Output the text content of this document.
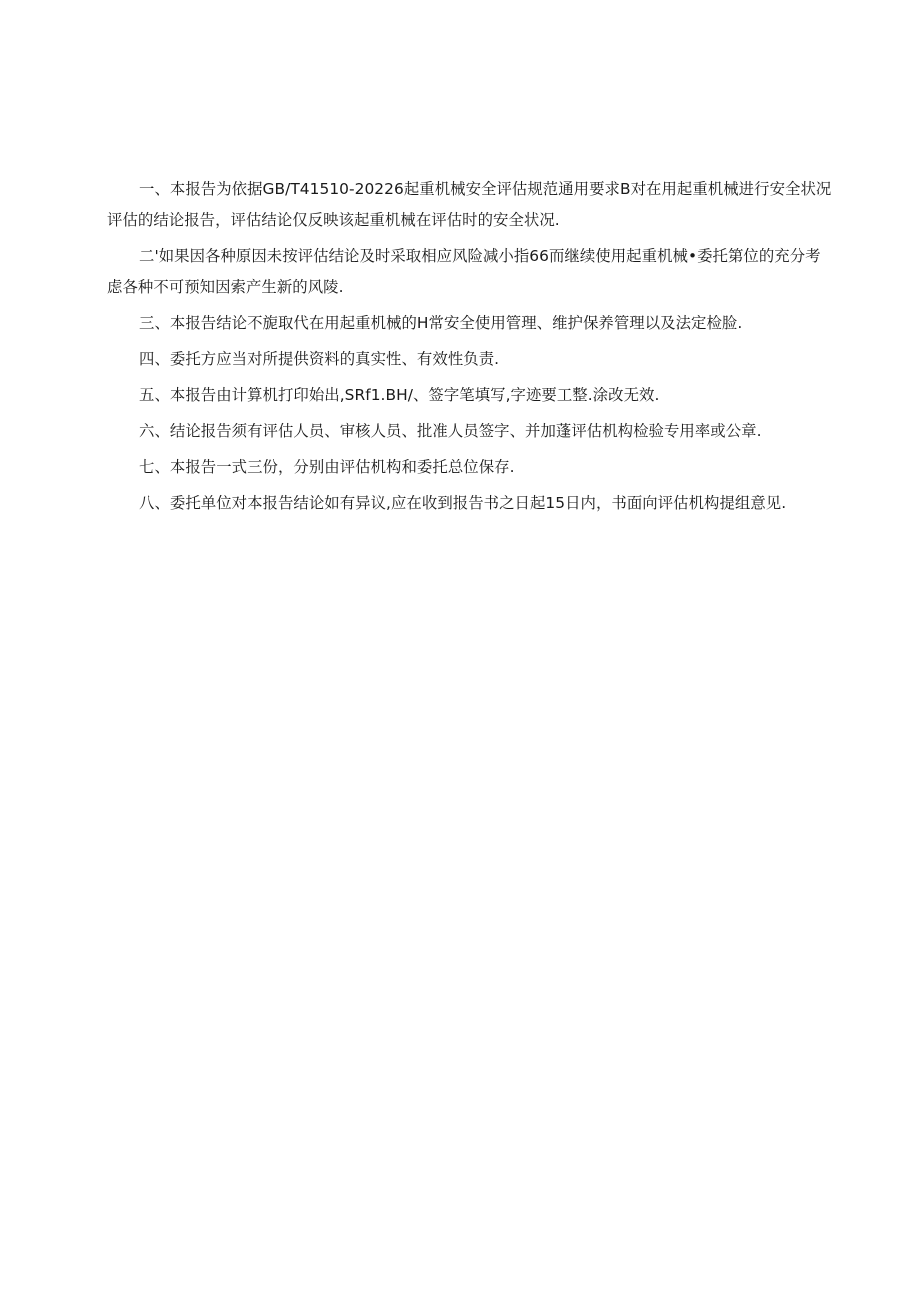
一、本报告为依据GB/T41510-20226起重机械安全评估规范通用要求B对在用起重机械进行安全状况评估的结论报告，评估结论仅反映该起重机械在评估时的安全状况.

二'如果因各种原因未按评估结论及时采取相应风险减小指66而继续使用起重机械•委托第位的充分考虑各种不可预知因索产生新的风陵.

三、本报告结论不旎取代在用起重机械的H常安全使用管理、维护保养管理以及法定检脸.

四、委托方应当对所提供资料的真实性、有效性负责.

五、本报告由计算机打印始出,SRf1.BH/、签字笔填写,字迹要工整.涂改无效.

六、结论报告须有评估人员、审核人员、批准人员签字、并加蓬评估机构检验专用率或公章.

七、本报告一式三份，分别由评估机构和委托总位保存.

八、委托单位对本报告结论如有异议,应在收到报告书之日起15日内，书面向评估机构提组意见.
